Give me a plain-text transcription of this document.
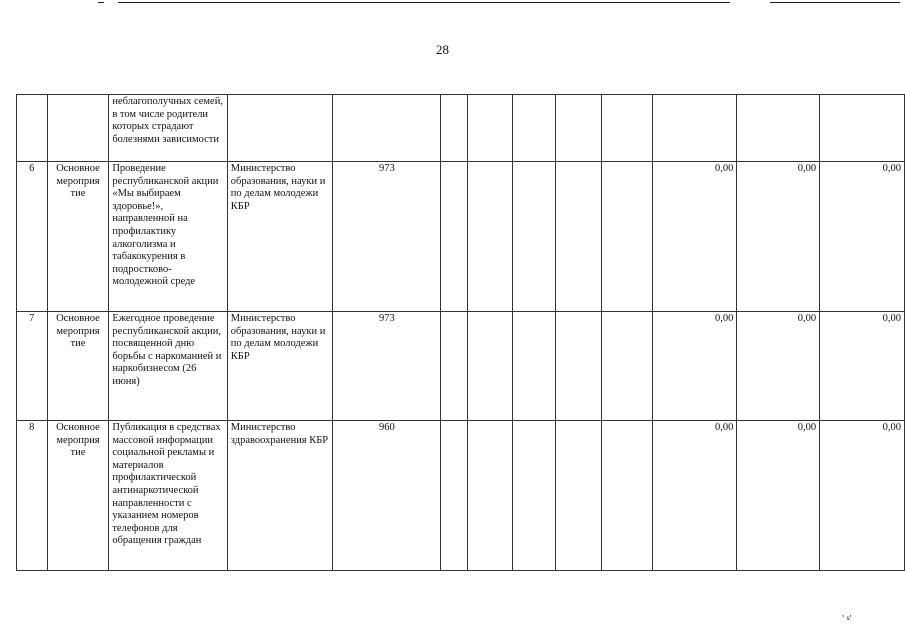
28
		неблагополучных семей, в том числе родители которых страдают болезнями зависимости										
6	Основное мероприя тие	Проведение республиканской акции «Мы выбираем здоровье!», направленной на профилактику алкоголизма и табакокурения в подростково-молодежной среде	Министерство образования, науки и по делам молодежи КБР	973						0,00	0,00	0,00
7	Основное мероприя тие	Ежегодное проведение республиканской акции, посвященной дню борьбы с наркоманией и наркобизнесом (26 июня)	Министерство образования, науки и по делам молодежи КБР	973						0,00	0,00	0,00
8	Основное мероприя тие	Публикация в средствах массовой информации социальной рекламы и материалов профилактической антинаркотической направленности с указанием номеров телефонов для обращения граждан	Министерство здравоохранения КБР	960						0,00	0,00	0,00
ʼ ˢʼ
